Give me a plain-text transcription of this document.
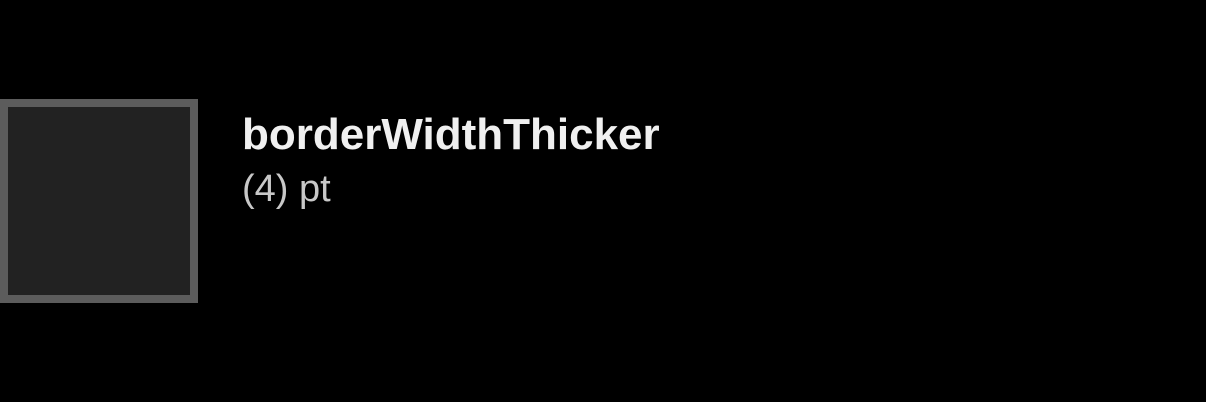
borderWidthThicker
(4) pt
